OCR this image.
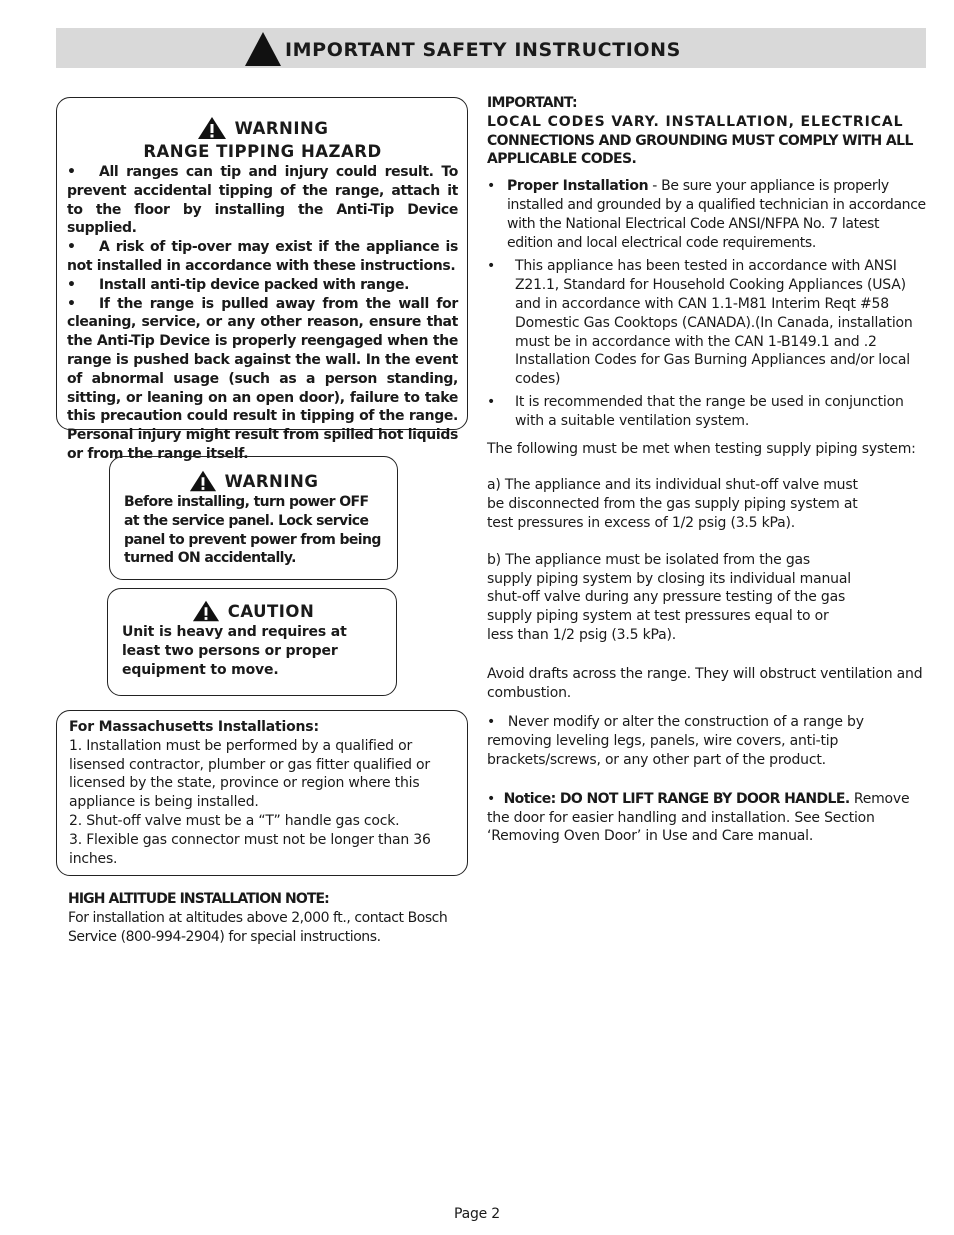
IMPORTANT SAFETY INSTRUCTIONS
WARNING
RANGE TIPPING HAZARD
• All ranges can tip and injury could result. To prevent accidental tipping of the range, attach it to the floor by installing the Anti-Tip Device supplied.
• A risk of tip-over may exist if the appliance is not installed in accordance with these instructions.
• Install anti-tip device packed with range.
• If the range is pulled away from the wall for cleaning, service, or any other reason, ensure that the Anti-Tip Device is properly reengaged when the range is pushed back against the wall. In the event of abnormal usage (such as a person standing, sitting, or leaning on an open door), failure to take this precaution could result in tipping of the range. Personal injury might result from spilled hot liquids or from the range itself.
WARNING
Before installing, turn power OFF at the service panel. Lock service panel to prevent power from being turned ON accidentally.
CAUTION
Unit is heavy and requires at least two persons or proper equipment to move.
For Massachusetts Installations:
1. Installation must be performed by a qualified or lisensed contractor, plumber or gas fitter qualified or licensed by the state, province or region where this appliance is being installed.
2. Shut-off valve must be a “T” handle gas cock.
3. Flexible gas connector must not be longer than 36 inches.
HIGH ALTITUDE INSTALLATION NOTE:
For installation at altitudes above 2,000 ft., contact Bosch Service (800-994-2904) for special instructions.
IMPORTANT:
LOCAL CODES VARY. INSTALLATION, ELECTRICAL
CONNECTIONS AND GROUNDING MUST COMPLY WITH ALL APPLICABLE CODES.
• Proper Installation - Be sure your appliance is properly installed and grounded by a qualified technician in accordance with the National Electrical Code ANSI/NFPA No. 7 latest edition and local electrical code requirements.
• This appliance has been tested in accordance with ANSI Z21.1, Standard for Household Cooking Appliances (USA) and in accordance with CAN 1.1-M81 Interim Reqt #58 Domestic Gas Cooktops (CANADA).(In Canada, installation must be in accordance with the CAN 1-B149.1 and .2 Installation Codes for Gas Burning Appliances and/or local codes)
• It is recommended that the range be used in conjunction with a suitable ventilation system.
The following must be met when testing supply piping system:
a) The appliance and its individual shut-off valve must be disconnected from the gas supply piping system at test pressures in excess of 1/2 psig (3.5 kPa).
b) The appliance must be isolated from the gas supply piping system by closing its individual manual shut-off valve during any pressure testing of the gas supply piping system at test pressures equal to or less than 1/2 psig (3.5 kPa).
Avoid drafts across the range. They will obstruct ventilation and combustion.
•   Never modify or alter the construction of a range by removing leveling legs, panels, wire covers, anti-tip brackets/screws, or any other part of the product.
•  Notice: DO NOT LIFT RANGE BY DOOR HANDLE. Remove the door for easier handling and installation. See Section ‘Removing Oven Door’ in Use and Care manual.
Page 2
